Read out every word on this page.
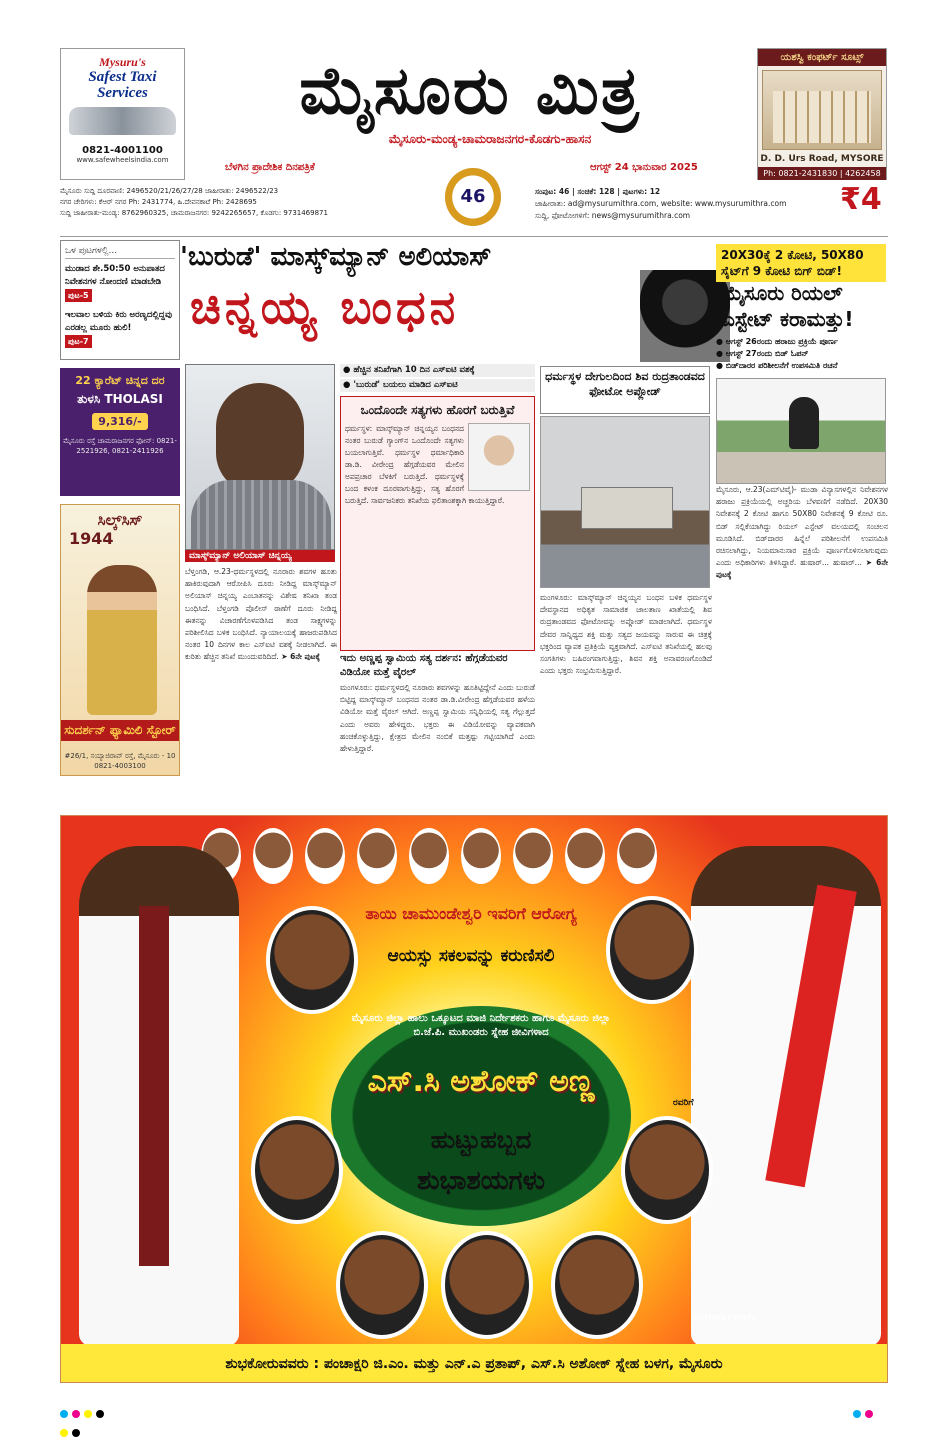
Mysuru's
Safest Taxi
Services
0821-4001100
www.safewheelsindia.com
ಮೈಸೂರು ಮಿತ್ರ
ಮೈಸೂರು-ಮಂಡ್ಯ-ಚಾಮರಾಜನಗರ-ಕೊಡಗು-ಹಾಸನ
ಬೆಳಗಿನ ಪ್ರಾದೇಶಿಕ ದಿನಪತ್ರಿಕೆ	ಆಗಸ್ಟ್ 24 ಭಾನುವಾರ 2025
ಯಶಸ್ವಿ ಕಂಫರ್ಟ್ ಸೂಟ್ಸ್
D. D. Urs Road, MYSORE
Ph: 0821-2431830 | 4262458
46
ಮೈಸೂರು ಸುದ್ದಿ ದೂರವಾಣಿ: 2496520/21/26/27/28 ಜಾಹೀರಾತು: 2496522/23
ನಗರ ಚೇರಿಗಳು: ಕೆಆರ್ ನಗರ Ph: 2431774, ಹಿ.ದೇವನಕಾಟೆ Ph: 2428695
ಸುದ್ದಿ ಜಾಹೀರಾತು-ಮಂಡ್ಯ: 8762960325, ಚಾಮರಾಜನಗರ: 9242265657, ಕೊಡಗು: 9731469871
ಸಂಪುಟ: 46 | ಸಂಚಿಕೆ: 128 | ಪುಟಗಳು: 12
ಜಾಹೀರಾತು: ad@mysurumithra.com, website: www.mysurumithra.com
ಸುದ್ದಿ, ಫೋಟೋಗಳಿಗೆ: news@mysurumithra.com	₹4
ಒಳ ಪುಟಗಳಲ್ಲಿ...
ಮುಡಾದ ಶೇ.50:50 ಅನುಪಾತದ ನಿವೇಶನಗಳ ನೋಂದಣಿ ಮಾಡಬೇಡಿ
ಪುಟ-5
ಇಲವಾಲ ಬಳಿಯ ಕಿರು ಅರಣ್ಯದಲ್ಲಿದ್ದವು ಎರಡಲ್ಲ ಮೂರು ಹುಲಿ!
ಪುಟ-7
22 ಕ್ಯಾರೆಟ್ ಚಿನ್ನದ ದರ
ತುಳಸಿ THOLASI
9,316/-
ಮೈಸೂರು ರಸ್ತೆ ಚಾಮರಾಜನಗರ ಫೋನ್: 0821-2521926, 0821-2411926
ಸಿಲ್ಕ್‌ಸಿಸ್
1944
ಸುದರ್ಶನ್ ಫ್ಯಾಮಿಲಿ ಸ್ಟೋರ್
#26/1, ಸಯ್ಯಾಜಿರಾವ್ ರಸ್ತೆ, ಮೈಸೂರು - 10
0821-4003100
'ಬುರುಡೆ' ಮಾಸ್ಕ್‌ಮ್ಯಾನ್ ಅಲಿಯಾಸ್
ಚಿನ್ನಯ್ಯ ಬಂಧನ
● ಹೆಚ್ಚಿನ ತನಿಖೆಗಾಗಿ 10 ದಿನ ಎಸ್‌ಐಟಿ ವಶಕ್ಕೆ
● 'ಬುರುಡೆ' ಬಯಲು ಮಾಡಿದ ಎಸ್‌ಐಟಿ
ಮಾಸ್ಕ್‌ಮ್ಯಾನ್ ಅಲಿಯಾಸ್ ಚಿನ್ನಯ್ಯ
ಬೆಳ್ತಂಗಡಿ, ಆ.23-ಧರ್ಮಸ್ಥಳದಲ್ಲಿ ನೂರಾರು ಶವಗಳ ಹೂತು ಹಾಕಿರುವುದಾಗಿ ಆರೋಪಿಸಿ ದೂರು ನೀಡಿದ್ದ ಮಾಸ್ಕ್‌ಮ್ಯಾನ್ ಅಲಿಯಾಸ್ ಚಿನ್ನಯ್ಯ ಎಂಬಾತನನ್ನು ವಿಶೇಷ ತನಿಖಾ ತಂಡ ಬಂಧಿಸಿದೆ. ಬೆಳ್ತಂಗಡಿ ಪೊಲೀಸ್ ಠಾಣೆಗೆ ದೂರು ನೀಡಿದ್ದ ಈತನನ್ನು ವಿಚಾರಣೆಗೊಳಪಡಿಸಿದ ತಂಡ ಸಾಕ್ಷ್ಯಗಳನ್ನು ಪರಿಶೀಲಿಸಿದ ಬಳಿಕ ಬಂಧಿಸಿದೆ. ನ್ಯಾಯಾಲಯಕ್ಕೆ ಹಾಜರುಪಡಿಸಿದ ನಂತರ 10 ದಿನಗಳ ಕಾಲ ಎಸ್‌ಐಟಿ ವಶಕ್ಕೆ ನೀಡಲಾಗಿದೆ. ಈ ಕುರಿತು ಹೆಚ್ಚಿನ ತನಿಖೆ ಮುಂದುವರಿದಿದೆ. ➤ 6ನೇ ಪುಟಕ್ಕೆ
ಒಂದೊಂದೇ ಸತ್ಯಗಳು ಹೊರಗೆ ಬರುತ್ತಿವೆ
ಧರ್ಮಸ್ಥಳ: ಮಾಸ್ಕ್‌ಮ್ಯಾನ್ ಚಿನ್ನಯ್ಯನ ಬಂಧನದ ನಂತರ ಬುರುಡೆ ಗ್ಯಾಂಗ್‌ನ ಒಂದೊಂದೇ ಸತ್ಯಗಳು ಬಯಲಾಗುತ್ತಿವೆ. ಧರ್ಮಸ್ಥಳ ಧರ್ಮಾಧಿಕಾರಿ ಡಾ.ಡಿ. ವೀರೇಂದ್ರ ಹೆಗ್ಗಡೆಯವರ ಮೇಲಿನ ಅಪಪ್ರಚಾರ ಬೆಳಕಿಗೆ ಬರುತ್ತಿದೆ. ಧರ್ಮಸ್ಥಳಕ್ಕೆ ಬಂದ ಕಳಂಕ ದೂರವಾಗುತ್ತಿದ್ದು, ಸತ್ಯ ಹೊರಗೆ ಬರುತ್ತಿದೆ. ಸಾರ್ವಜನಿಕರು ತನಿಖೆಯ ಫಲಿತಾಂಶಕ್ಕಾಗಿ ಕಾಯುತ್ತಿದ್ದಾರೆ.
ಇದು ಅಣ್ಣಪ್ಪ ಸ್ವಾಮಿಯ ಸತ್ಯ ದರ್ಶನ: ಹೆಗ್ಗಡೆಯವರ ವಿಡಿಯೋ ಮತ್ತೆ ವೈರಲ್
ಮಂಗಳೂರು: ಧರ್ಮಸ್ಥಳದಲ್ಲಿ ನೂರಾರು ಶವಗಳನ್ನು ಹೂತಿಟ್ಟಿದ್ದೇನೆ ಎಂದು ಬುರುಡೆ ಬಿಟ್ಟಿದ್ದ ಮಾಸ್ಕ್‌ಮ್ಯಾನ್ ಬಂಧನದ ನಂತರ ಡಾ.ಡಿ.ವೀರೇಂದ್ರ ಹೆಗ್ಗಡೆಯವರ ಹಳೆಯ ವಿಡಿಯೋ ಮತ್ತೆ ವೈರಲ್ ಆಗಿದೆ. ಅಣ್ಣಪ್ಪ ಸ್ವಾಮಿಯ ಸನ್ನಿಧಿಯಲ್ಲಿ ಸತ್ಯ ಗೆಲ್ಲುತ್ತದೆ ಎಂದು ಅವರು ಹೇಳಿದ್ದರು. ಭಕ್ತರು ಈ ವಿಡಿಯೋವನ್ನು ವ್ಯಾಪಕವಾಗಿ ಹಂಚಿಕೊಳ್ಳುತ್ತಿದ್ದು, ಕ್ಷೇತ್ರದ ಮೇಲಿನ ನಂಬಿಕೆ ಮತ್ತಷ್ಟು ಗಟ್ಟಿಯಾಗಿದೆ ಎಂದು ಹೇಳುತ್ತಿದ್ದಾರೆ.
ಧರ್ಮಸ್ಥಳ ದೇಗುಲದಿಂದ ಶಿವ ರುದ್ರತಾಂಡವದ ಫೋಟೋ ಅಪ್ಲೋಡ್
ಮಂಗಳೂರು: ಮಾಸ್ಕ್‌ಮ್ಯಾನ್ ಚಿನ್ನಯ್ಯನ ಬಂಧನ ಬಳಿಕ ಧರ್ಮಸ್ಥಳ ದೇವಸ್ಥಾನದ ಅಧಿಕೃತ ಸಾಮಾಜಿಕ ಜಾಲತಾಣ ಖಾತೆಯಲ್ಲಿ ಶಿವ ರುದ್ರತಾಂಡವದ ಫೋಟೋವನ್ನು ಅಪ್ಲೋಡ್ ಮಾಡಲಾಗಿದೆ. ಧರ್ಮಸ್ಥಳ ದೇವರ ಸಾನ್ನಿಧ್ಯದ ಶಕ್ತಿ ಮತ್ತು ಸತ್ಯದ ಜಯವನ್ನು ಸಾರುವ ಈ ಚಿತ್ರಕ್ಕೆ ಭಕ್ತರಿಂದ ವ್ಯಾಪಕ ಪ್ರತಿಕ್ರಿಯೆ ವ್ಯಕ್ತವಾಗಿದೆ. ಎಸ್‌ಐಟಿ ತನಿಖೆಯಲ್ಲಿ ಹಲವು ಸಂಗತಿಗಳು ಬಹಿರಂಗವಾಗುತ್ತಿದ್ದು, ಶಿವನ ಶಕ್ತಿ ಅನಾವರಣಗೊಂಡಿದೆ ಎಂದು ಭಕ್ತರು ಸಂಭ್ರಮಿಸುತ್ತಿದ್ದಾರೆ.
20X30ಕ್ಕೆ 2 ಕೋಟಿ, 50X80 ಸೈಟ್‌ಗೆ 9 ಕೋಟಿ ಬಿಗ್ ಬಿಡ್!
ಮೈಸೂರು ರಿಯಲ್ ಎಸ್ಟೇಟ್ ಕರಾಮತ್ತು!
● ಆಗಸ್ಟ್ 26ರಂದು ಹರಾಜು ಪ್ರಕ್ರಿಯೆ ಪೂರ್ಣ
● ಆಗಸ್ಟ್ 27ರಂದು ಬಿಡ್ ಓಪನ್
● ಬಿಡ್‌ದಾರರ ಪರಿಶೀಲನೆಗೆ ಉಪಸಮಿತಿ ರಚನೆ
ಮೈಸೂರು, ಆ.23(ಎಮ್‌ಟಿವೈ)- ಮುಡಾ ವಿನ್ಯಾಸಗಳಲ್ಲಿನ ನಿವೇಶನಗಳ ಹರಾಜು ಪ್ರಕ್ರಿಯೆಯಲ್ಲಿ ಅಚ್ಚರಿಯ ಬೆಳವಣಿಗೆ ನಡೆದಿದೆ. 20X30 ನಿವೇಶನಕ್ಕೆ 2 ಕೋಟಿ ಹಾಗೂ 50X80 ನಿವೇಶನಕ್ಕೆ 9 ಕೋಟಿ ರೂ. ಬಿಡ್ ಸಲ್ಲಿಕೆಯಾಗಿದ್ದು ರಿಯಲ್ ಎಸ್ಟೇಟ್ ವಲಯದಲ್ಲಿ ಸಂಚಲನ ಮೂಡಿಸಿದೆ. ಬಿಡ್‌ದಾರರ ಹಿನ್ನೆಲೆ ಪರಿಶೀಲನೆಗೆ ಉಪಸಮಿತಿ ರಚಿಸಲಾಗಿದ್ದು, ನಿಯಮಾನುಸಾರ ಪ್ರಕ್ರಿಯೆ ಪೂರ್ಣಗೊಳಿಸಲಾಗುವುದು ಎಂದು ಅಧಿಕಾರಿಗಳು ತಿಳಿಸಿದ್ದಾರೆ. ಹುಷಾರ್... ಹುಷಾರ್... ➤ 6ನೇ ಪುಟಕ್ಕೆ
ತಾಯಿ ಚಾಮುಂಡೇಶ್ವರಿ ಇವರಿಗೆ ಆರೋಗ್ಯ
ಆಯಸ್ಸು ಸಕಲವನ್ನು ಕರುಣಿಸಲಿ
ಮೈಸೂರು ಜಿಲ್ಲಾ ಹಾಲು ಒಕ್ಕೂಟದ ಮಾಜಿ ನಿರ್ದೇಶಕರು ಹಾಗೂ ಮೈಸೂರು ಜಿಲ್ಲಾ ಬಿ.ಜೆ.ಪಿ. ಮುಖಂಡರು ಸ್ನೇಹ ಜೀವಿಗಳಾದ
ಎಸ್.ಸಿ ಅಶೋಕ್ ಅಣ್ಣ
ರವರಿಗೆ
ಹುಟ್ಟುಹಬ್ಬದ
ಶುಭಾಶಯಗಳು
VISMAYA PRINTS
ಶುಭಕೋರುವವರು : ಪಂಚಾಕ್ಷರಿ ಜಿ.ಎಂ. ಮತ್ತು ಎನ್.ಎ ಪ್ರತಾಪ್, ಎಸ್.ಸಿ ಅಶೋಕ್ ಸ್ನೇಹ ಬಳಗ, ಮೈಸೂರು
